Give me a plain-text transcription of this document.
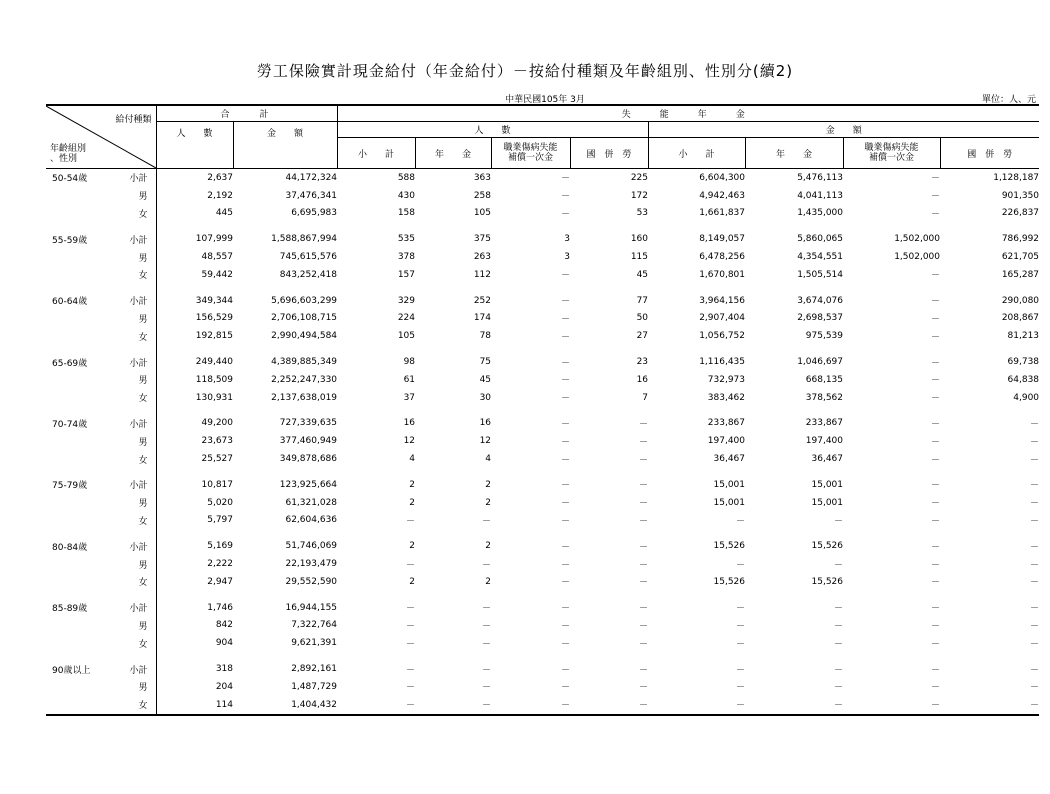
勞工保險實計現金給付（年金給付）－按給付種類及年齡組別、性別分(續2)
中華民國105年 3月	單位：人、元
給付種類
年齡組別
、性別		合　　計		失　能　年　金							
		人　　數	金　　額	人　　數				金　　額			
				小　　計	年　　金	職業傷病失能
補償一次金	國　併　勞	小　　計	年　　金	職業傷病失能
補償一次金	國　併　勞
50-54歲	小計	2,637	44,172,324	588	363	－	225	6,604,300	5,476,113	－	1,128,187
	男	2,192	37,476,341	430	258	－	172	4,942,463	4,041,113	－	901,350
	女	445	6,695,983	158	105	－	53	1,661,837	1,435,000	－	226,837

55-59歲	小計	107,999	1,588,867,994	535	375	3	160	8,149,057	5,860,065	1,502,000	786,992
	男	48,557	745,615,576	378	263	3	115	6,478,256	4,354,551	1,502,000	621,705
	女	59,442	843,252,418	157	112	－	45	1,670,801	1,505,514	－	165,287

60-64歲	小計	349,344	5,696,603,299	329	252	－	77	3,964,156	3,674,076	－	290,080
	男	156,529	2,706,108,715	224	174	－	50	2,907,404	2,698,537	－	208,867
	女	192,815	2,990,494,584	105	78	－	27	1,056,752	975,539	－	81,213

65-69歲	小計	249,440	4,389,885,349	98	75	－	23	1,116,435	1,046,697	－	69,738
	男	118,509	2,252,247,330	61	45	－	16	732,973	668,135	－	64,838
	女	130,931	2,137,638,019	37	30	－	7	383,462	378,562	－	4,900

70-74歲	小計	49,200	727,339,635	16	16	－	－	233,867	233,867	－	－
	男	23,673	377,460,949	12	12	－	－	197,400	197,400	－	－
	女	25,527	349,878,686	4	4	－	－	36,467	36,467	－	－

75-79歲	小計	10,817	123,925,664	2	2	－	－	15,001	15,001	－	－
	男	5,020	61,321,028	2	2	－	－	15,001	15,001	－	－
	女	5,797	62,604,636	－	－	－	－	－	－	－	－

80-84歲	小計	5,169	51,746,069	2	2	－	－	15,526	15,526	－	－
	男	2,222	22,193,479	－	－	－	－	－	－	－	－
	女	2,947	29,552,590	2	2	－	－	15,526	15,526	－	－

85-89歲	小計	1,746	16,944,155	－	－	－	－	－	－	－	－
	男	842	7,322,764	－	－	－	－	－	－	－	－
	女	904	9,621,391	－	－	－	－	－	－	－	－

90歲以上	小計	318	2,892,161	－	－	－	－	－	－	－	－
	男	204	1,487,729	－	－	－	－	－	－	－	－
	女	114	1,404,432	－	－	－	－	－	－	－	－
